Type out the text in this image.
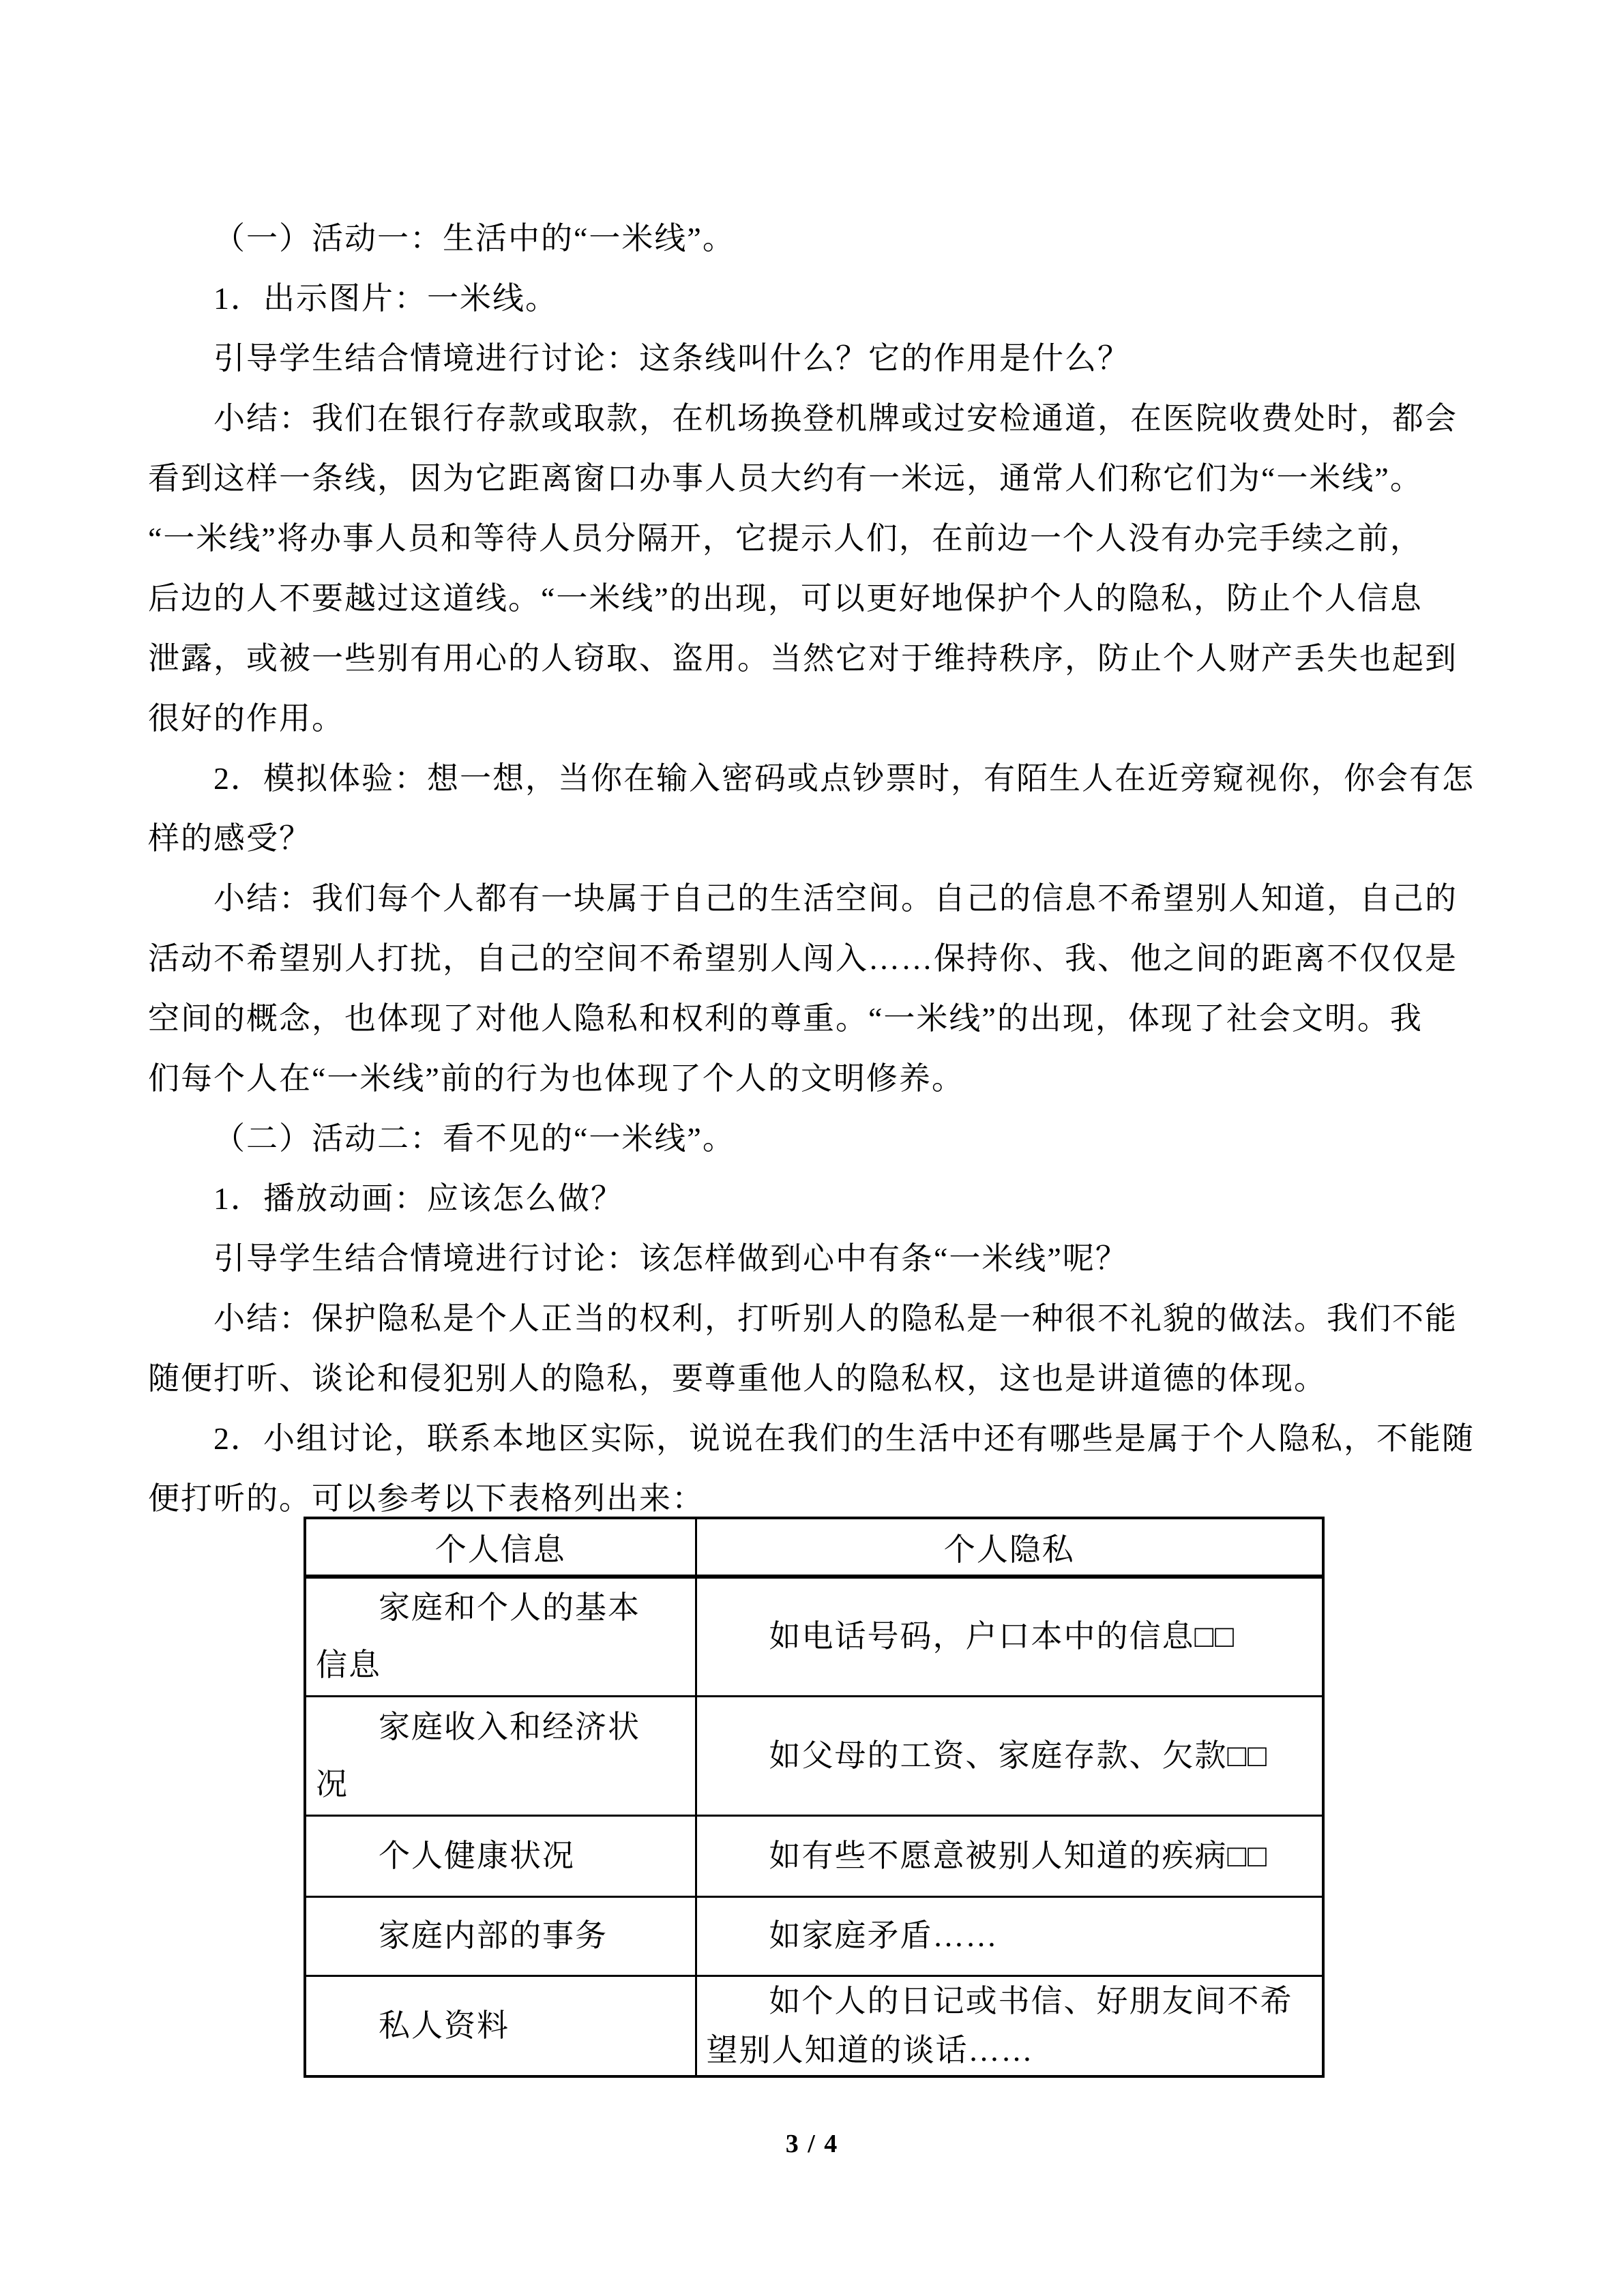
（一）活动一：生活中的“一米线”。
1．出示图片：一米线。
引导学生结合情境进行讨论：这条线叫什么？它的作用是什么？
小结：我们在银行存款或取款，在机场换登机牌或过安检通道，在医院收费处时，都会
看到这样一条线，因为它距离窗口办事人员大约有一米远，通常人们称它们为“一米线”。
“一米线”将办事人员和等待人员分隔开，它提示人们，在前边一个人没有办完手续之前，
后边的人不要越过这道线。“一米线”的出现，可以更好地保护个人的隐私，防止个人信息
泄露，或被一些别有用心的人窃取、盗用。当然它对于维持秩序，防止个人财产丢失也起到
很好的作用。
2．模拟体验：想一想，当你在输入密码或点钞票时，有陌生人在近旁窥视你，你会有怎
样的感受？
小结：我们每个人都有一块属于自己的生活空间。自己的信息不希望别人知道，自己的
活动不希望别人打扰，自己的空间不希望别人闯入……保持你、我、他之间的距离不仅仅是
空间的概念，也体现了对他人隐私和权利的尊重。“一米线”的出现，体现了社会文明。我
们每个人在“一米线”前的行为也体现了个人的文明修养。
（二）活动二：看不见的“一米线”。
1．播放动画：应该怎么做？
引导学生结合情境进行讨论：该怎样做到心中有条“一米线”呢？
小结：保护隐私是个人正当的权利，打听别人的隐私是一种很不礼貌的做法。我们不能
随便打听、谈论和侵犯别人的隐私，要尊重他人的隐私权，这也是讲道德的体现。
2．小组讨论，联系本地区实际，说说在我们的生活中还有哪些是属于个人隐私，不能随
便打听的。可以参考以下表格列出来：
个人信息	个人隐私

家庭和个人的基本
信息	如电话号码，户口本中的信息□□

家庭收入和经济状
况	如父母的工资、家庭存款、欠款□□

个人健康状况	如有些不愿意被别人知道的疾病□□

家庭内部的事务	如家庭矛盾……

私人资料	如个人的日记或书信、好朋友间不希
望别人知道的谈话……
3 / 4
